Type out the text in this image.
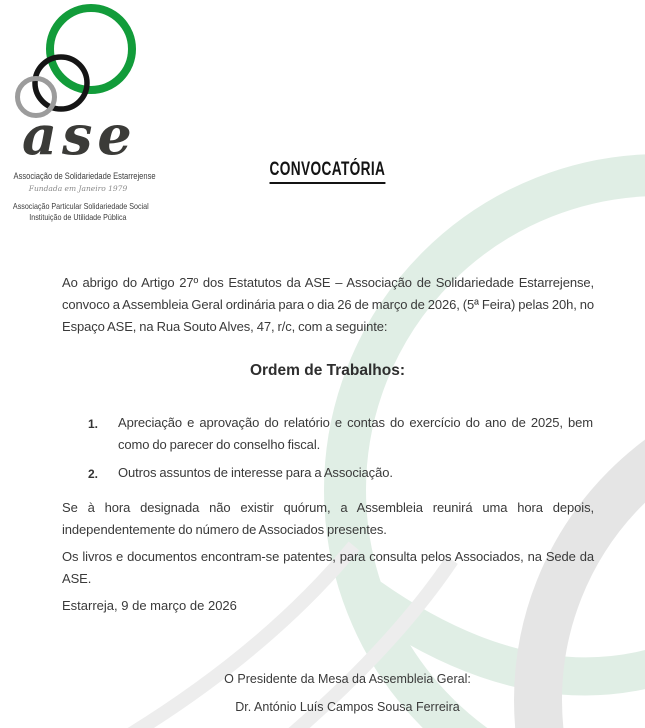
ase
Associação de Solidariedade Estarrejense
Fundada em Janeiro 1979
Associação Particular Solidariedade Social
Instituição de Utilidade Pública
CONVOCATÓRIA

Ao abrigo do Artigo 27º dos Estatutos da ASE – Associação de Solidariedade Estarrejense, convoco a Assembleia Geral ordinária para o dia 26 de março de 2026, (5ª Feira) pelas 20h, no Espaço ASE, na Rua Souto Alves, 47, r/c, com a seguinte:

Ordem de Trabalhos:
1. Apreciação e aprovação do relatório e contas do exercício do ano de 2025, bem como do parecer do conselho fiscal.
2. Outros assuntos de interesse para a Associação.

Se à hora designada não existir quórum, a Assembleia reunirá uma hora depois, independentemente do número de Associados presentes.

Os livros e documentos encontram-se patentes, para consulta pelos Associados, na Sede da ASE.

Estarreja, 9 de março de 2026
O Presidente da Mesa da Assembleia Geral:
Dr. António Luís Campos Sousa Ferreira
